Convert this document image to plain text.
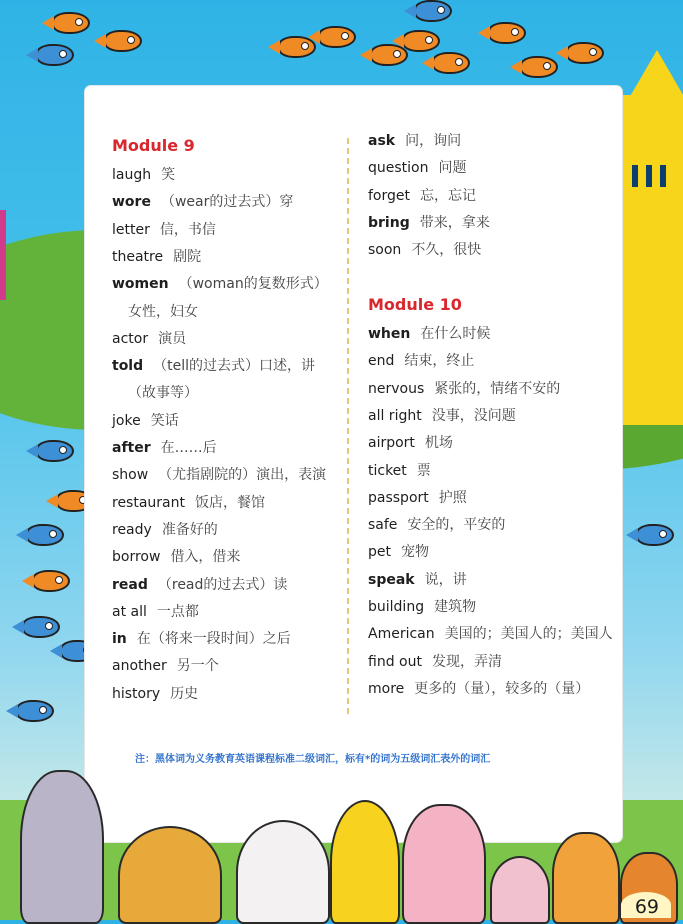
Module 9
laugh 笑
wore （wear的过去式）穿
letter 信，书信
theatre 剧院
women （woman的复数形式）
女性，妇女
actor 演员
told （tell的过去式）口述，讲
（故事等）
joke 笑话
after 在……后
show （尤指剧院的）演出，表演
restaurant 饭店，餐馆
ready 准备好的
borrow 借入，借来
read （read的过去式）读
at all 一点都
in 在（将来一段时间）之后
another 另一个
history 历史
ask 问，询问
question 问题
forget 忘，忘记
bring 带来，拿来
soon 不久，很快
Module 10
when 在什么时候
end 结束，终止
nervous 紧张的，情绪不安的
all right 没事，没问题
airport 机场
ticket 票
passport 护照
safe 安全的，平安的
pet 宠物
speak 说，讲
building 建筑物
American 美国的；美国人的；美国人
find out 发现，弄清
more 更多的（量），较多的（量）
注：黑体词为义务教育英语课程标准二级词汇，标有*的词为五级词汇表外的词汇
69
